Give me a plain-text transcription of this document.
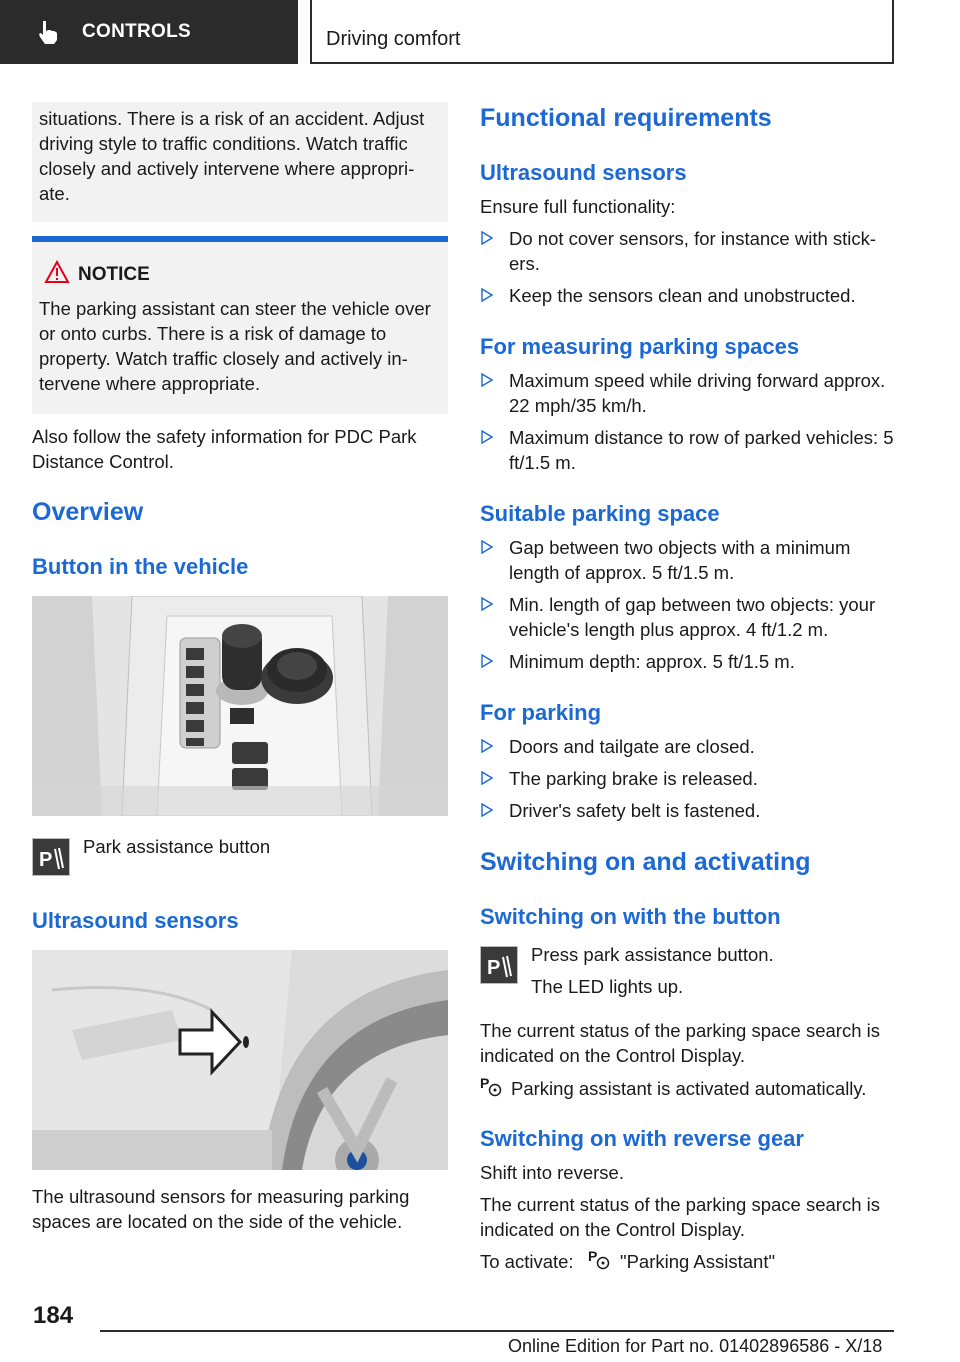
CONTROLS	Driving comfort

situations. There is a risk of an accident. Adjust driving style to traffic conditions. Watch traffic closely and actively intervene where appropri-ate.

NOTICE

The parking assistant can steer the vehicle over or onto curbs. There is a risk of damage to property. Watch traffic closely and actively in-tervene where appropriate.

Also follow the safety information for PDC Park Distance Control.

Overview
Button in the vehicle
P
Park assistance button
Ultrasound sensors

The ultrasound sensors for measuring parking spaces are located on the side of the vehicle.

Functional requirements
Ultrasound sensors

Ensure full functionality:

Do not cover sensors, for instance with stick-ers.
Keep the sensors clean and unobstructed.
For measuring parking spaces
Maximum speed while driving forward approx. 22 mph/35 km/h.
Maximum distance to row of parked vehicles: 5 ft/1.5 m.
Suitable parking space
Gap between two objects with a minimum length of approx. 5 ft/1.5 m.
Min. length of gap between two objects: your vehicle's length plus approx. 4 ft/1.2 m.
Minimum depth: approx. 5 ft/1.5 m.
For parking
Doors and tailgate are closed.
The parking brake is released.
Driver's safety belt is fastened.
Switching on and activating
Switching on with the button
P
Press park assistance button.
The LED lights up.

The current status of the parking space search is indicated on the Control Display.

P Parking assistant is activated automatically.
Switching on with reverse gear

Shift into reverse.

The current status of the parking space search is indicated on the Control Display.

To activate: P "Parking Assistant"
184
Online Edition for Part no. 01402896586 - X/18
